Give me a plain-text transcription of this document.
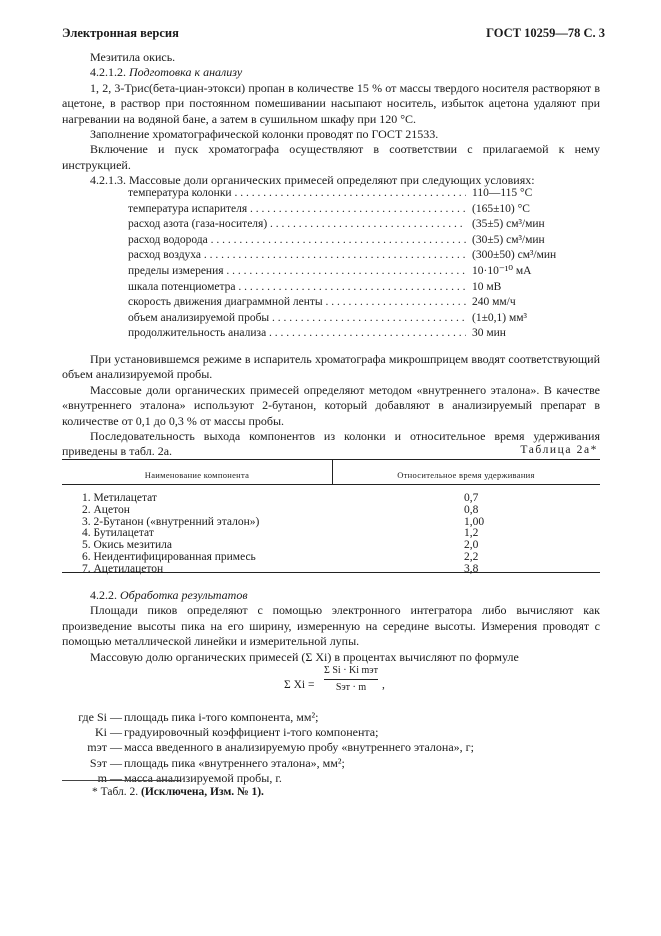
Электронная версия	ГОСТ 10259—78 С. 3

Мезитила окись.

4.2.1.2. Подготовка к анализу

1, 2, 3-Трис(бета-циан-этокси) пропан в количестве 15 % от массы твердого носителя растворяют в ацетоне, в раствор при постоянном помешивании насыпают носитель, избыток ацетона удаляют при нагревании на водяной бане, а затем в сушильном шкафу при 120 °С.

Заполнение хроматографической колонки проводят по ГОСТ 21533.

Включение и пуск хроматографа осуществляют в соответствии с прилагаемой к нему инструкцией.

4.2.1.3. Массовые доли органических примесей определяют при следующих условиях:

температура колонки . . .	110—115 °С
температура испарителя . . .	(165±10) °С
расход азота (газа-носителя) . . .	(35±5) см³/мин
расход водорода . . .	(30±5) см³/мин
расход воздуха . . .	(300±50) см³/мин
пределы измерения . . .	10·10⁻¹⁰ мА
шкала потенциометра . . .	10 мВ
скорость движения диаграммной ленты . . .	240 мм/ч
объем анализируемой пробы . . .	(1±0,1) мм³
продолжительность анализа . . .	30 мин

При установившемся режиме в испаритель хроматографа микрошприцем вводят соответствующий объем анализируемой пробы.

Массовые доли органических примесей определяют методом «внутреннего эталона». В качестве «внутреннего эталона» используют 2-бутанон, который добавляют в анализируемый препарат в количестве от 0,1 до 0,3 % от массы пробы.

Последовательность выхода компонентов из колонки и относительное время удерживания приведены в табл. 2а.	Таблица 2а*
Наименование компонента	Относительное время удерживания
1. Метилацетат	0,7
2. Ацетон	0,8
3. 2-Бутанон («внутренний эталон»)	1,00
4. Бутилацетат	1,2
5. Окись мезитила	2,0
6. Неидентифицированная примесь	2,2
7. Ацетилацетон	3,8

4.2.2. Обработка результатов

Площади пиков определяют с помощью электронного интегратора либо вычисляют как произведение высоты пика на его ширину, измеренную на середине высоты. Измерения проводят с помощью металлической линейки и измерительной лупы.

Массовую долю органических примесей (Σ Xi) в процентах вычисляют по формуле

Σ Xi =
Σ Si · Ki mэт
Sэт · m	,
где Si — площадь пика i-того компонента, мм²;
Ki — градуировочный коэффициент i-того компонента;
mэт — масса введенного в анализируемую пробу «внутреннего эталона», г;
Sэт — площадь пика «внутреннего эталона», мм²;
m — масса анализируемой пробы, г.
* Табл. 2. (Исключена, Изм. № 1).
